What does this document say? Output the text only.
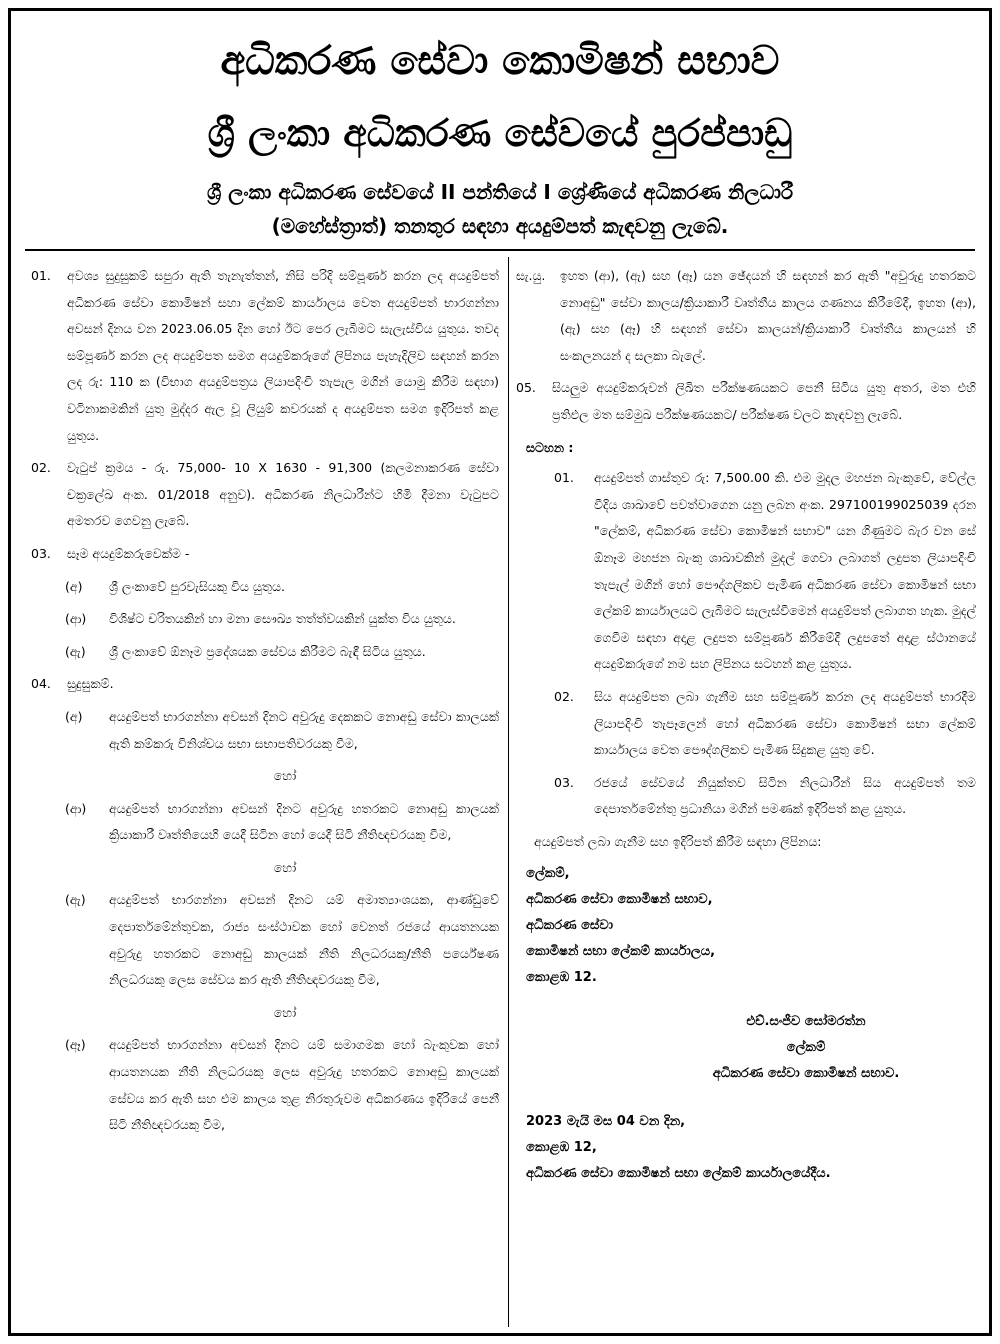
අධිකරණ සේවා කොමිෂන් සභාව
ශ්‍රී ලංකා අධිකරණ සේවයේ පුරප්පාඩු
ශ්‍රී ලංකා අධිකරණ සේවයේ II පන්තියේ I ශ්‍රේණියේ අධිකරණ නිලධාරී
(මහේස්ත්‍රාත්) තනතුර සඳහා අයදුම්පත් කැඳවනු ලැබේ.
01.	අවශ්‍ය සුදුසුකම් සපුරා ඇති තැනැත්තන්, නිසි පරිදි සම්පූර්ණ කරන ලද අයදුම්පත් අධිකරණ සේවා කොමිෂන් සහා ලේකම් කාර්යාලය වෙත අයදුම්පත් භාරගන්නා අවසන් දිනය වන 2023.06.05 දින හෝ ඊට පෙර ලැබීමට සැලැස්විය යුතුය. තවද සම්පූර්ණ කරන ලද අයදුම්පත සමග අයදුම්කරුගේ ලිපිනය පැහැදිලිව සඳහන් කරන ලද රු: 110 ක (විභාග අයදුම්පත්‍රය ලියාපදිංචි තැපැල මගින් යොමු කිරීම සඳහා) වටිනාකමකින් යුතු මුද්දර ඇල වූ ලියුම් කවරයක් ද අයදුම්පත සමග ඉදිරිපත් කළ යුතුය.
02.	වැටුප් ක්‍රමය - රු. 75,000- 10 X 1630 - 91,300 (කලමනාකරණ සේවා චක්‍රලේඛ අංක. 01/2018 අනුව). අධිකරණ නිලධාරීන්ට හිමි දීමනා වැටුපට අමතරව ගෙවනු ලැබේ.
03.	සෑම අයදුම්කරුවෙක්ම -
(අ)	ශ්‍රී ලංකාවේ පුරවැසියකු විය යුතුය.
(ආ)	විශිෂ්ට චරිතයකින් හා මනා සෞඛ්‍ය තත්ත්වයකින් යුක්ත විය යුතුය.
(ඇ)	ශ්‍රී ලංකාවේ ඕනෑම ප්‍රදේශයක සේවය කිරීමට බැඳී සිටිය යුතුය.
04.	සුදුසුකම්.
(අ)	අයදුම්පත් භාරගන්නා අවසන් දිනට අවුරුදු දෙකකට නොඅඩු සේවා කාලයක් ඇති කම්කරු විනිශ්චය සභා සභාපතිවරයකු වීම,
හෝ
(ආ)	අයදුම්පත් භාරගන්නා අවසන් දිනට අවුරුදු හතරකට නොඅඩු කාලයක් ක්‍රියාකාරී වෘත්තියෙහි යෙදී සිටින හෝ යෙදී සිටි නීතිඥවරයකු වීම,
හෝ
(ඇ)	අයදුම්පත් භාරගන්නා අවසන් දිනට යම් අමාත්‍යාංශයක, ආණ්ඩුවේ දෙපාර්තමේන්තුවක, රාජ්‍ය සංස්ථාවක හෝ වෙනත් රජයේ ආයතනයක අවුරුදු හතරකට නොඅඩු කාලයක් නීති නිලධරයකු/නීති පර්යේෂණ නිලධරයකු ලෙස සේවය කර ඇති නීතිඥවරයකු වීම,
හෝ
(ඈ)	අයදුම්පත් භාරගන්නා අවසන් දිනට යම් සමාගමක හෝ බැංකුවක හෝ ආයතනයක නීති නිලධරයකු ලෙස අවුරුදු හතරකට නොඅඩු කාලයක් සේවය කර ඇති සහ එම කාලය තුළ නිරතුරුවම අධිකරණය ඉදිරියේ පෙනී සිටි නීතිඥවරයකු වීම,
සැ.යු.	ඉහත (ආ), (ඇ) සහ (ඈ) යන ඡේදයන් හි සඳහන් කර ඇති "අවුරුදු හතරකට නොඅඩු" සේවා කාලය/ක්‍රියාකාරී වෘත්තීය කාලය ගණනය කිරීමේදී, ඉහත (ආ), (ඇ) සහ (ඈ) හි සඳහන් සේවා කාලයන්/ක්‍රියාකාරී වෘත්තීය කාලයන් හි සංකලනයන් ද සලකා බැලේ.
05.	සියලුම අයදුම්කරුවන් ලිඛිත පරීක්ෂණයකට පෙනී සිටිය යුතු අතර, මත එහි ප්‍රතිඵල මත සම්මුඛ පරීක්ෂණයකට/ පරීක්ෂණ වලට කැඳවනු ලැබේ.
සටහන :
01.	අයදුම්පත් ගාස්තුව රු: 7,500.00 කි. එම මුදල මහජන බැංකුවේ, වේල්ල වීදිය ශාඛාවේ පවත්වාගෙන යනු ලබන අංක. 297100199025039 දරන "ලේකම්, අධිකරණ සේවා කොමිෂන් සභාව" යන ගිණුමට බැර වන සේ ඕනෑම මහජන බැංකු ශාඛාවකින් මුදල් ගෙවා ලබාගත් ලදුපත ලියාපදිංචි තැපැල් මගින් හෝ පෞද්ගලිකව පැමිණ අධිකරණ සේවා කොමිෂන් සභා ලේකම් කාර්යාලයට ලැබීමට සැලැස්වීමෙන් අයදුම්පත් ලබාගත හැක. මුදල් ගෙවීම සඳහා අදාළ ලදුපත සම්පූර්ණ කිරීමේදී ලදුපතේ අදාළ ස්ථානයේ අයදුම්කරුගේ නම සහ ලිපිනය සටහන් කළ යුතුය.
02.	සිය අයදුම්පත ලබා ගැනීම සහ සම්පූර්ණ කරන ලද අයදුම්පත් භාරදීම ලියාපදිංචි තැපෑලෙන් හෝ අධිකරණ සේවා කොමිෂන් සභා ලේකම් කාර්යාලය වෙත පෞද්ගලිකව පැමිණ සිදුකළ යුතු වේ.
03.	රජයේ සේවයේ නියුක්තව සිටින නිලධාරීන් සිය අයදුම්පත් තම දෙපාර්තමේන්තු ප්‍රධානියා මගින් පමණක් ඉදිරිපත් කළ යුතුය.
අයදුම්පත් ලබා ගැනීම සහ ඉදිරිපත් කිරීම සඳහා ලිපිනය:
ලේකම්,
අධිකරණ සේවා කොමිෂන් සභාව,
අධිකරණ සේවා
කොමිෂන් සභා ලේකම් කාර්යාලය,
කොළඹ 12.
එච්.සංජීව සෝමරත්න
ලේකම්
අධිකරණ සේවා කොමිෂන් සභාව.
2023 මැයි මස 04 වන දින,
කොළඹ 12,
අධිකරණ සේවා කොමිෂන් සභා ලේකම් කාර්යාලයේදීය.
